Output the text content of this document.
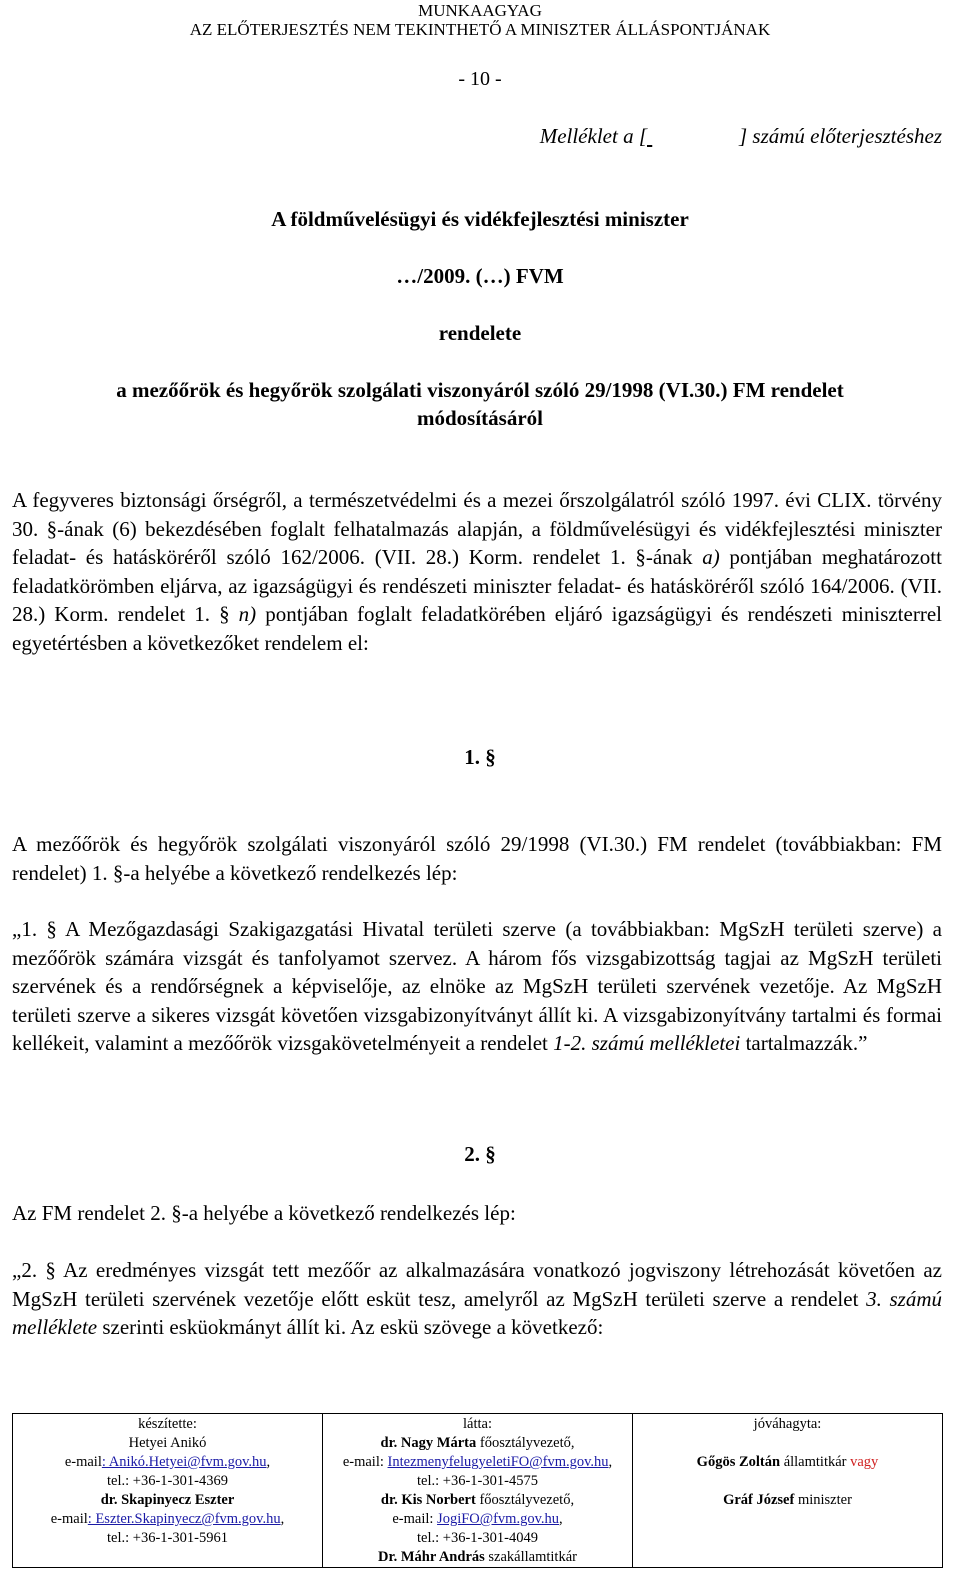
MUNKAAGYAG
AZ ELŐTERJESZTÉS NEM TEKINTHETŐ A MINISZTER ÁLLÁSPONTJÁNAK
- 10 -
Melléklet a [	] számú előterjesztéshez
A földművelésügyi és vidékfejlesztési miniszter
…/2009. (…) FVM
rendelete
a mezőőrök és hegyőrök szolgálati viszonyáról szóló 29/1998 (VI.30.) FM rendelet
módosításáról

A fegyveres biztonsági őrségről, a természetvédelmi és a mezei őrszolgálatról szóló 1997. évi CLIX. törvény 30. §-ának (6) bekezdésében foglalt felhatalmazás alapján, a földművelésügyi és vidékfejlesztési miniszter feladat- és hatásköréről szóló 162/2006. (VII. 28.) Korm. rendelet 1. §-ának a) pontjában meghatározott feladatkörömben eljárva, az igazságügyi és rendészeti miniszter feladat- és hatásköréről szóló 164/2006. (VII. 28.) Korm. rendelet 1. § n) pontjában foglalt feladatkörében eljáró igazságügyi és rendészeti miniszterrel egyetértésben a következőket rendelem el:

1. §

A mezőőrök és hegyőrök szolgálati viszonyáról szóló 29/1998 (VI.30.) FM rendelet (továbbiakban: FM rendelet) 1. §-a helyébe a következő rendelkezés lép:

„1. § A Mezőgazdasági Szakigazgatási Hivatal területi szerve (a továbbiakban: MgSzH területi szerve) a mezőőrök számára vizsgát és tanfolyamot szervez. A három fős vizsgabizottság tagjai az MgSzH területi szervének és a rendőrségnek a képviselője, az elnöke az MgSzH területi szervének vezetője. Az MgSzH területi szerve a sikeres vizsgát követően vizsgabizonyítványt állít ki. A vizsgabizonyítvány tartalmi és formai kellékeit, valamint a mezőőrök vizsgakövetelményeit a rendelet 1-2. számú mellékletei tartalmazzák.”

2. §

Az FM rendelet 2. §-a helyébe a következő rendelkezés lép:

„2. § Az eredményes vizsgát tett mezőőr az alkalmazására vonatkozó jogviszony létrehozását követően az MgSzH területi szervének vezetője előtt esküt tesz, amelyről az MgSzH területi szerve a rendelet 3. számú melléklete szerinti esküokmányt állít ki. Az eskü szövege a következő:

készítette:
Hetyei Anikó
e-mail: Anikó.Hetyei@fvm.gov.hu,
tel.: +36-1-301-4369
dr. Skapinyecz Eszter
e-mail: Eszter.Skapinyecz@fvm.gov.hu,
tel.: +36-1-301-5961

látta:
dr. Nagy Márta főosztályvezető,
e-mail: IntezmenyfelugyeletiFO@fvm.gov.hu,
tel.: +36-1-301-4575
dr. Kis Norbert főosztályvezető,
e-mail: JogiFO@fvm.gov.hu,
tel.: +36-1-301-4049
Dr. Máhr András szakállamtitkár

jóváhagyta:
Gőgös Zoltán államtitkár vagy
Gráf József miniszter
